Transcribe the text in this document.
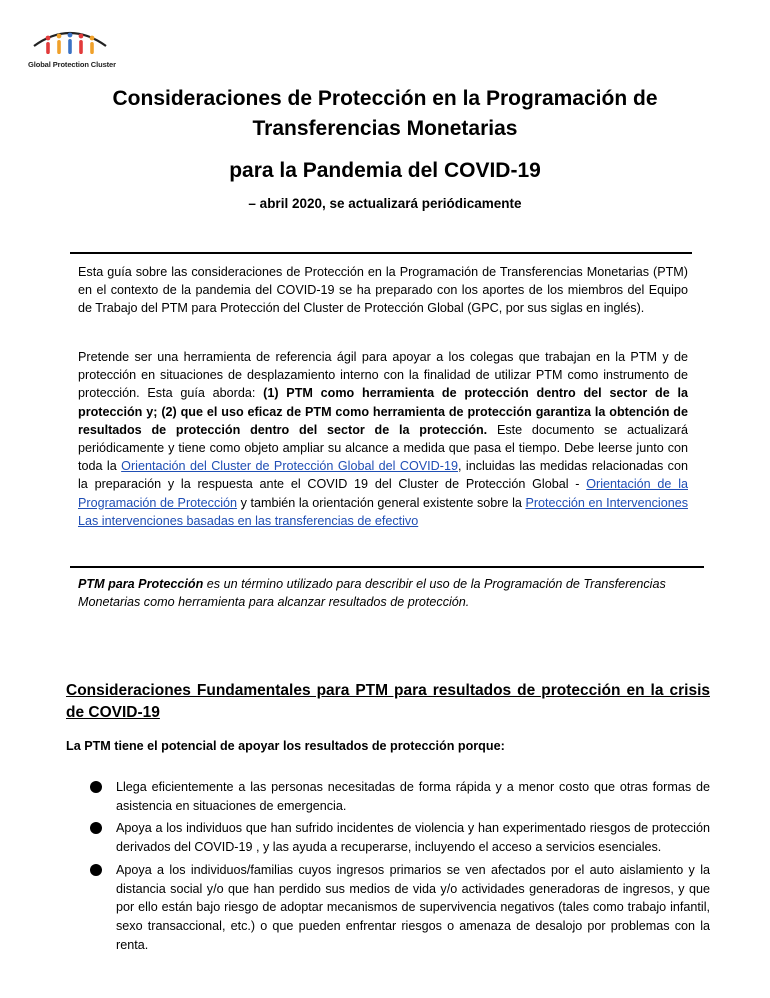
Global Protection Cluster
Consideraciones de Protección en la Programación de
Transferencias Monetarias
para la Pandemia del COVID-19
– abril 2020, se actualizará periódicamente
Esta guía sobre las consideraciones de Protección en la Programación de Transferencias Monetarias (PTM) en el contexto de la pandemia del COVID-19 se ha preparado con los aportes de los miembros del Equipo de Trabajo del PTM para Protección del Cluster de Protección Global (GPC, por sus siglas en inglés).
Pretende ser una herramienta de referencia ágil para apoyar a los colegas que trabajan en la PTM y de protección en situaciones de desplazamiento interno con la finalidad de utilizar PTM como instrumento de protección. Esta guía aborda: (1) PTM como herramienta de protección dentro del sector de la protección y; (2) que el uso eficaz de PTM como herramienta de protección garantiza la obtención de resultados de protección dentro del sector de la protección. Este documento se actualizará periódicamente y tiene como objeto ampliar su alcance a medida que pasa el tiempo. Debe leerse junto con toda la Orientación del Cluster de Protección Global del COVID-19, incluidas las medidas relacionadas con la preparación y la respuesta ante el COVID 19 del Cluster de Protección Global - Orientación de la Programación de Protección y también la orientación general existente sobre la Protección en Intervenciones Las intervenciones basadas en las transferencias de efectivo
PTM para Protección es un término utilizado para describir el uso de la Programación de Transferencias Monetarias como herramienta para alcanzar resultados de protección.
Consideraciones Fundamentales para PTM para resultados de protección en la crisis de COVID-19
La PTM tiene el potencial de apoyar los resultados de protección porque:
Llega eficientemente a las personas necesitadas de forma rápida y a menor costo que otras formas de asistencia en situaciones de emergencia.
Apoya a los individuos que han sufrido incidentes de violencia y han experimentado riesgos de protección derivados del COVID-19 , y las ayuda a recuperarse, incluyendo el acceso a servicios esenciales.
Apoya a los individuos/familias cuyos ingresos primarios se ven afectados por el auto aislamiento y la distancia social y/o que han perdido sus medios de vida y/o actividades generadoras de ingresos, y que por ello están bajo riesgo de adoptar mecanismos de supervivencia negativos (tales como trabajo infantil, sexo transaccional, etc.) o que pueden enfrentar riesgos o amenaza de desalojo por problemas con la renta.
